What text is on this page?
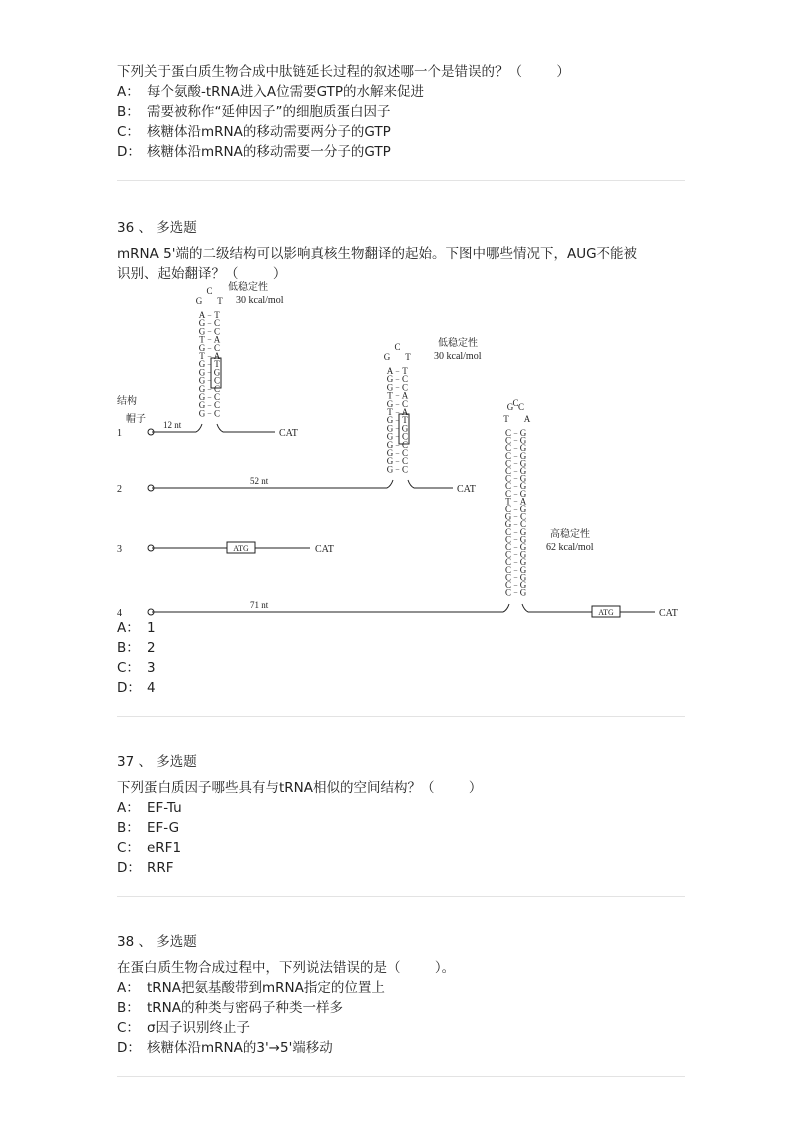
下列关于蛋白质生物合成中肽链延长过程的叙述哪一个是错误的？（        ）

A： 每个氨酸-tRNA进入A位需要GTP的水解来促进

B： 需要被称作“延伸因子”的细胞质蛋白因子

C： 核糖体沿mRNA的移动需要两分子的GTP

D： 核糖体沿mRNA的移动需要一分子的GTP

36 、 多选题

mRNA 5'端的二级结构可以影响真核生物翻译的起始。下图中哪些情况下，AUG不能被

识别、起始翻译？（        ）

结构
帽子
1
2
3
4
12 nt
52 nt
71 nt
CAT
CAT
CAT
CAT
ATG
ATG
低稳定性
30 kcal/mol
低稳定性
30 kcal/mol
高稳定性
62 kcal/mol
A T
–
G C
–
G C
–
T A
–
G C
–
T A
–
G T
–
G G
–
G C
–
G C
–
G C
–
G C
–
G C
–
G
C
T
A T
–
G C
–
G C
–
T A
–
G C
–
T A
–
G T
–
G G
–
G C
–
G C
–
G C
–
G C
–
G C
–
G
C
T
C G
–
C G
–
C G
–
C G
–
C G
–
C G
–
C G
–
C G
–
C G
–
T A
–
C G
–
G C
–
G C
–
C G
–
C G
–
C G
–
C G
–
C G
–
C G
–
C G
–
C G
–
C G
–
T
G C C
A

A： 1

B： 2

C： 3

D： 4

37 、 多选题

下列蛋白质因子哪些具有与tRNA相似的空间结构？（        ）

A： EF-Tu

B： EF-G

C： eRF1

D： RRF

38 、 多选题

在蛋白质生物合成过程中，下列说法错误的是（        ）。

A： tRNA把氨基酸带到mRNA指定的位置上

B： tRNA的种类与密码子种类一样多

C： σ因子识别终止子

D： 核糖体沿mRNA的3'→5'端移动
